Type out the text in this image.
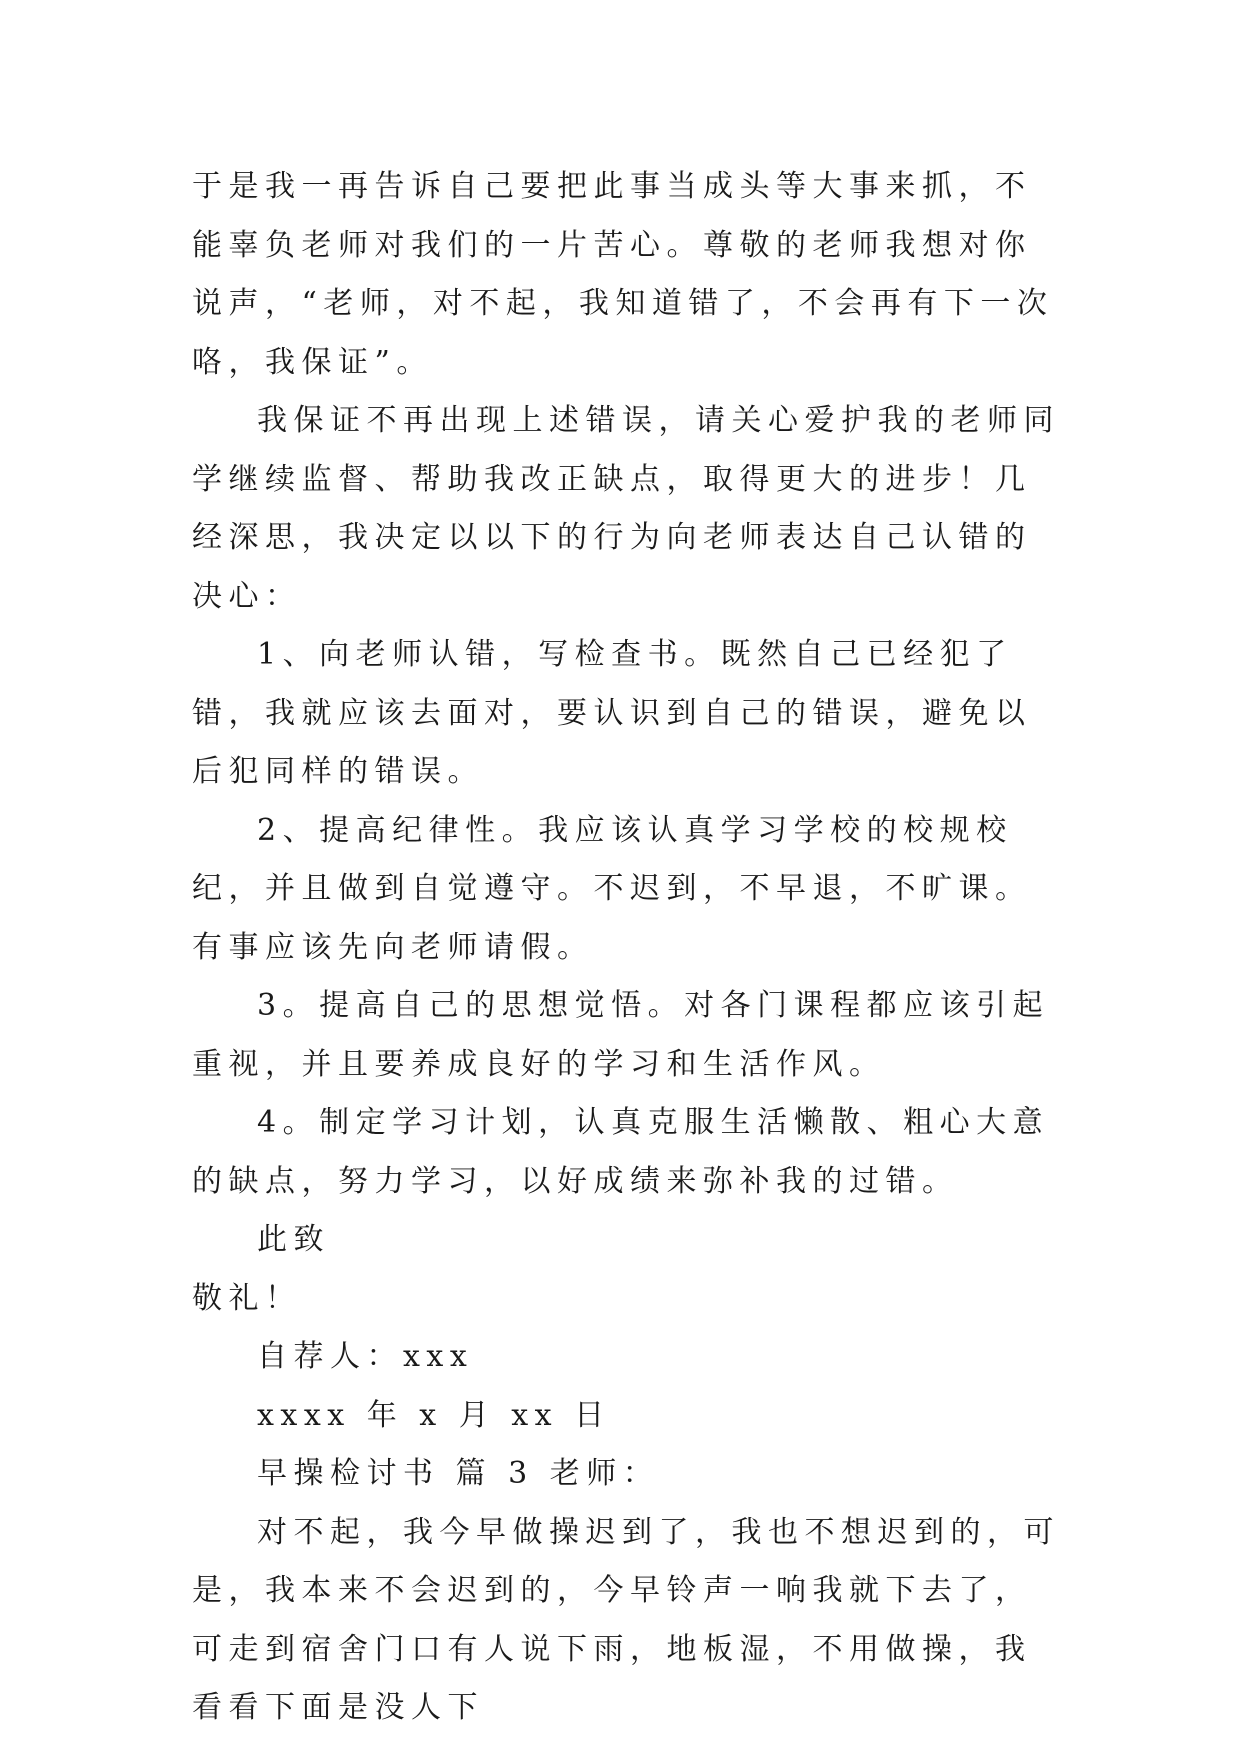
于是我一再告诉自己要把此事当成头等大事来抓，不能辜负老师对我们的一片苦心。尊敬的老师我想对你说声，“老师，对不起，我知道错了，不会再有下一次咯，我保证”。

我保证不再出现上述错误，请关心爱护我的老师同学继续监督、帮助我改正缺点，取得更大的进步！几经深思，我决定以以下的行为向老师表达自己认错的决心：

1、向老师认错，写检查书。既然自己已经犯了错，我就应该去面对，要认识到自己的错误，避免以后犯同样的错误。

2、提高纪律性。我应该认真学习学校的校规校纪，并且做到自觉遵守。不迟到，不早退，不旷课。有事应该先向老师请假。

3。提高自己的思想觉悟。对各门课程都应该引起重视，并且要养成良好的学习和生活作风。

4。制定学习计划，认真克服生活懒散、粗心大意的缺点，努力学习，以好成绩来弥补我的过错。

此致

敬礼！

自荐人：xxx

xxxx 年 x 月 xx 日

早操检讨书 篇 3 老师：

对不起，我今早做操迟到了，我也不想迟到的，可是，我本来不会迟到的，今早铃声一响我就下去了，可走到宿舍门口有人说下雨，地板湿，不用做操，我看看下面是没人下
